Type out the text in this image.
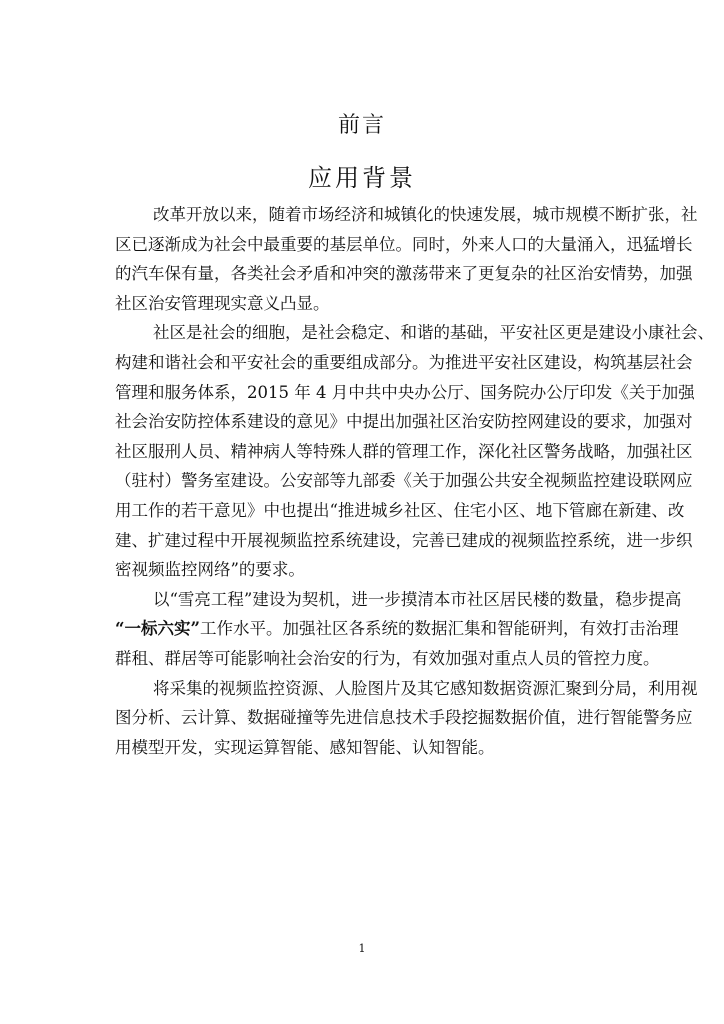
前言
应用背景
改革开放以来，随着市场经济和城镇化的快速发展，城市规模不断扩张，社
区已逐渐成为社会中最重要的基层单位。同时，外来人口的大量涌入，迅猛增长
的汽车保有量，各类社会矛盾和冲突的激荡带来了更复杂的社区治安情势，加强
社区治安管理现实意义凸显。
社区是社会的细胞，是社会稳定、和谐的基础，平安社区更是建设小康社会、
构建和谐社会和平安社会的重要组成部分。为推进平安社区建设，构筑基层社会
管理和服务体系，2015 年 4 月中共中央办公厅、国务院办公厅印发《关于加强
社会治安防控体系建设的意见》中提出加强社区治安防控网建设的要求，加强对
社区服刑人员、精神病人等特殊人群的管理工作，深化社区警务战略，加强社区
（驻村）警务室建设。公安部等九部委《关于加强公共安全视频监控建设联网应
用工作的若干意见》中也提出“推进城乡社区、住宅小区、地下管廊在新建、改
建、扩建过程中开展视频监控系统建设，完善已建成的视频监控系统，进一步织
密视频监控网络”的要求。
以“雪亮工程”建设为契机，进一步摸清本市社区居民楼的数量，稳步提高
“一标六实”工作水平。加强社区各系统的数据汇集和智能研判，有效打击治理
群租、群居等可能影响社会治安的行为，有效加强对重点人员的管控力度。
将采集的视频监控资源、人脸图片及其它感知数据资源汇聚到分局，利用视
图分析、云计算、数据碰撞等先进信息技术手段挖掘数据价值，进行智能警务应
用模型开发，实现运算智能、感知智能、认知智能。
1
